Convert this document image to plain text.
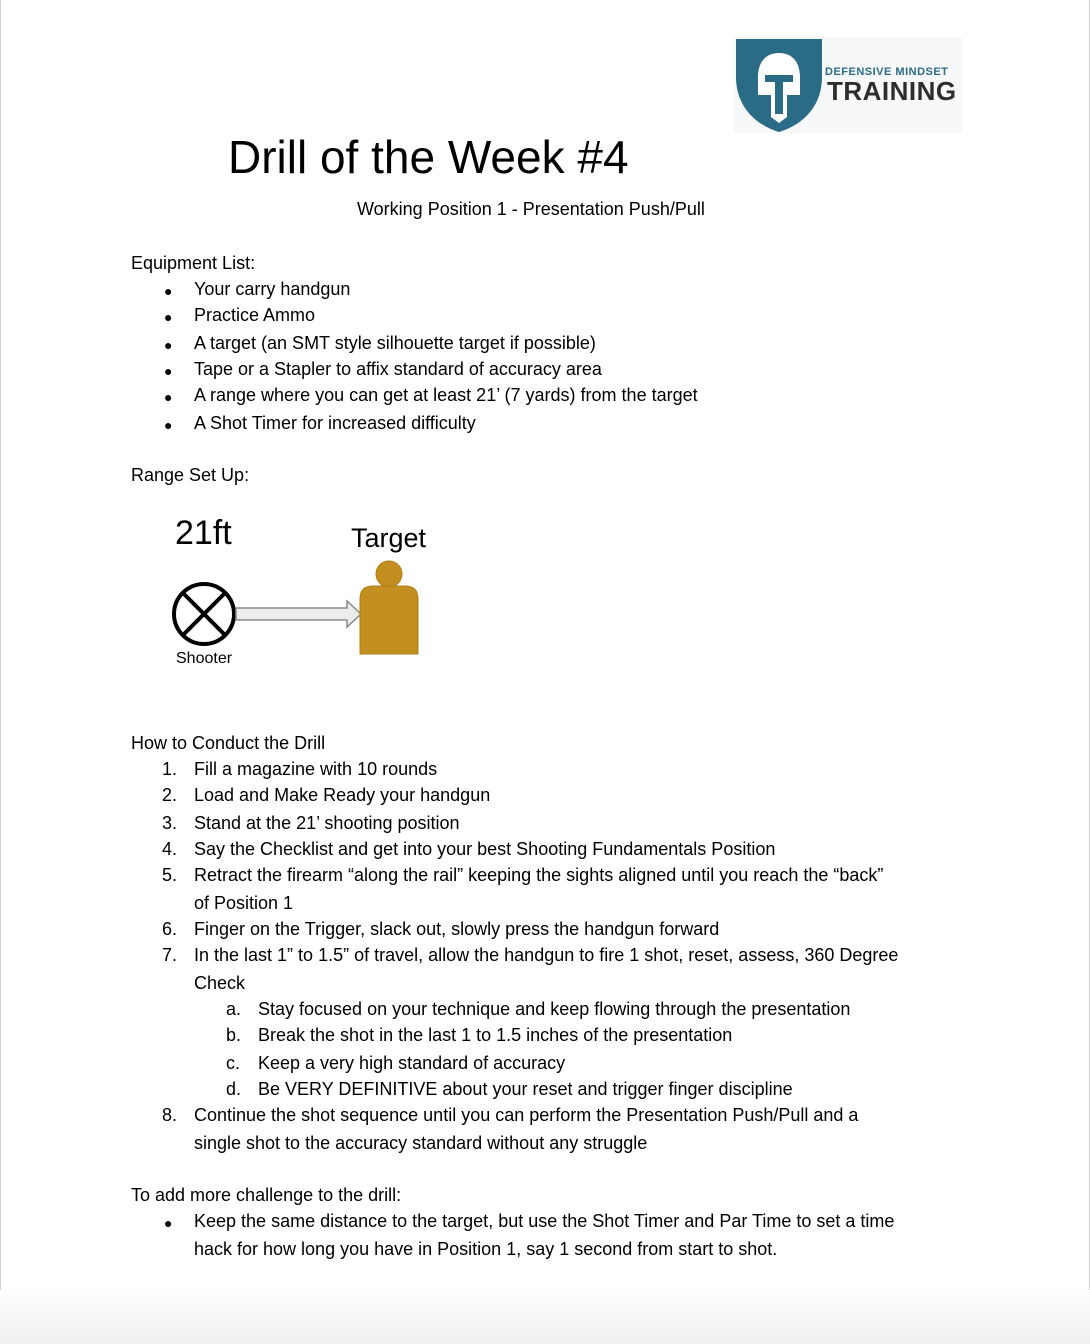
DEFENSIVE MINDSET
TRAINING
Drill of the Week #4
Working Position 1 - Presentation Push/Pull
Equipment List:
● Your carry handgun
● Practice Ammo
● A target (an SMT style silhouette target if possible)
● Tape or a Stapler to affix standard of accuracy area
● A range where you can get at least 21’ (7 yards) from the target
● A Shot Timer for increased difficulty
Range Set Up:
21ft	Target
Shooter
How to Conduct the Drill
1. Fill a magazine with 10 rounds
2. Load and Make Ready your handgun
3. Stand at the 21’ shooting position
4. Say the Checklist and get into your best Shooting Fundamentals Position
5. Retract the firearm “along the rail” keeping the sights aligned until you reach the “back”
of Position 1
6. Finger on the Trigger, slack out, slowly press the handgun forward
7. In the last 1” to 1.5” of travel, allow the handgun to fire 1 shot, reset, assess, 360 Degree
Check
a. Stay focused on your technique and keep flowing through the presentation
b. Break the shot in the last 1 to 1.5 inches of the presentation
c. Keep a very high standard of accuracy
d. Be VERY DEFINITIVE about your reset and trigger finger discipline
8. Continue the shot sequence until you can perform the Presentation Push/Pull and a
single shot to the accuracy standard without any struggle
To add more challenge to the drill:
● Keep the same distance to the target, but use the Shot Timer and Par Time to set a time
hack for how long you have in Position 1, say 1 second from start to shot.
